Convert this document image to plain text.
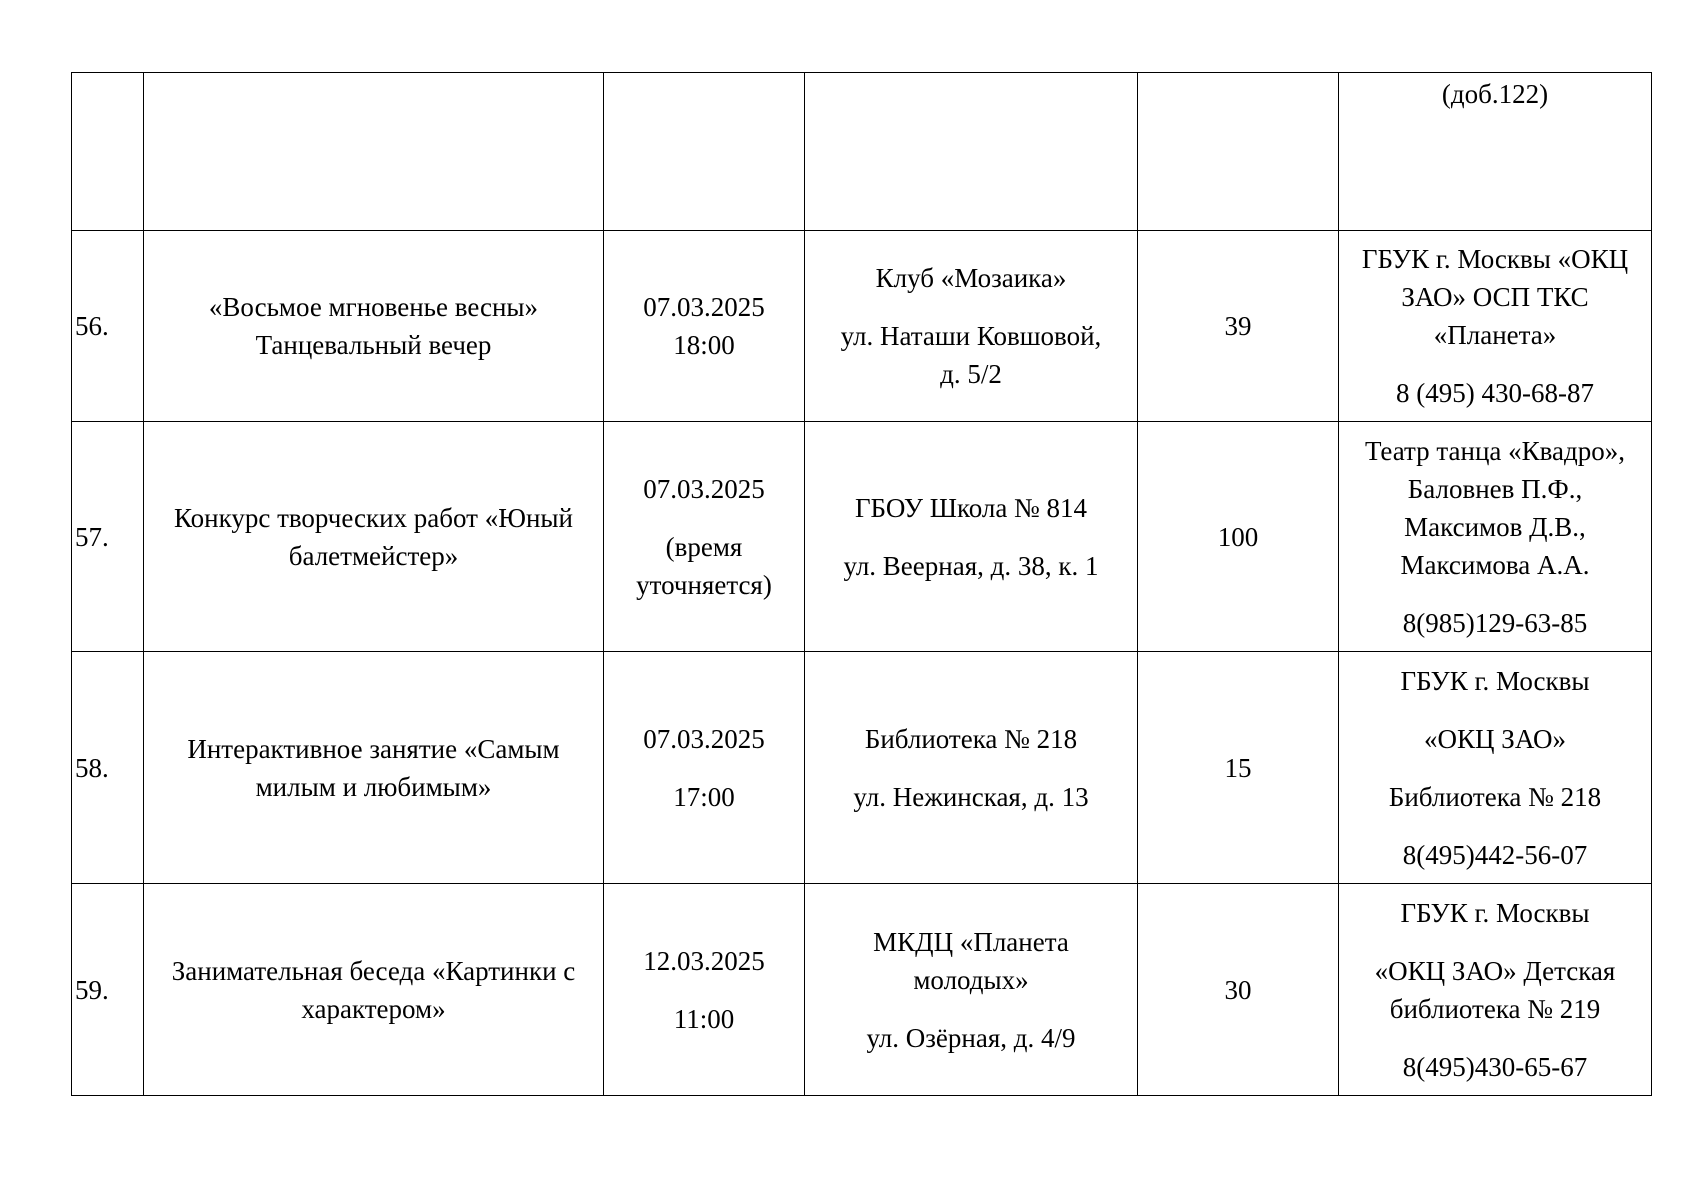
					(доб.122)

56.	«Восьмое мгновенье весны»
Танцевальный вечер	07.03.2025
18:00	Клуб «Мозаика»
ул. Наташи Ковшовой,
д. 5/2	39	ГБУК г. Москвы «ОКЦ
ЗАО» ОСП ТКС
«Планета»
8 (495) 430-68-87

57.	Конкурс творческих работ «Юный
балетмейстер»	07.03.2025
(время
уточняется)	ГБОУ Школа № 814
ул. Веерная, д. 38, к. 1	100	Театр танца «Квадро»,
Баловнев П.Ф.,
Максимов Д.В.,
Максимова А.А.
8(985)129-63-85

58.	Интерактивное занятие «Самым
милым и любимым»	07.03.2025
17:00	Библиотека № 218
ул. Нежинская, д. 13	15	ГБУК г. Москвы
«ОКЦ ЗАО»
Библиотека № 218
8(495)442-56-07

59.	Занимательная беседа «Картинки с
характером»	12.03.2025
11:00	МКДЦ «Планета
молодых»
ул. Озёрная, д. 4/9	30	ГБУК г. Москвы
«ОКЦ ЗАО» Детская
библиотека № 219
8(495)430-65-67
